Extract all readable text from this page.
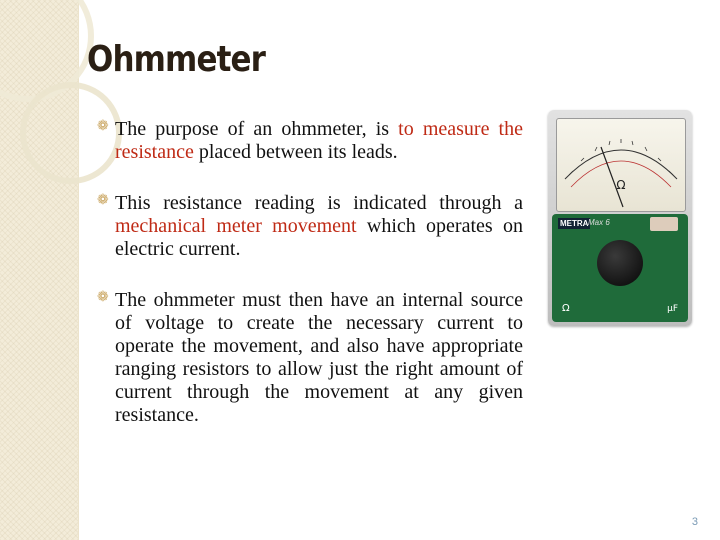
Ohmmeter
❁ The purpose of an ohmmeter, is to measure the resistance placed between its leads.
❁ This resistance reading is indicated through a mechanical meter movement which operates on electric current.
❁ The ohmmeter must then have an internal source of voltage to create the necessary current to operate the movement, and also have appropriate ranging resistors to allow just the right amount of current through the movement at any given resistance.
Ω
METRA Max 6
Ω	µF
3
